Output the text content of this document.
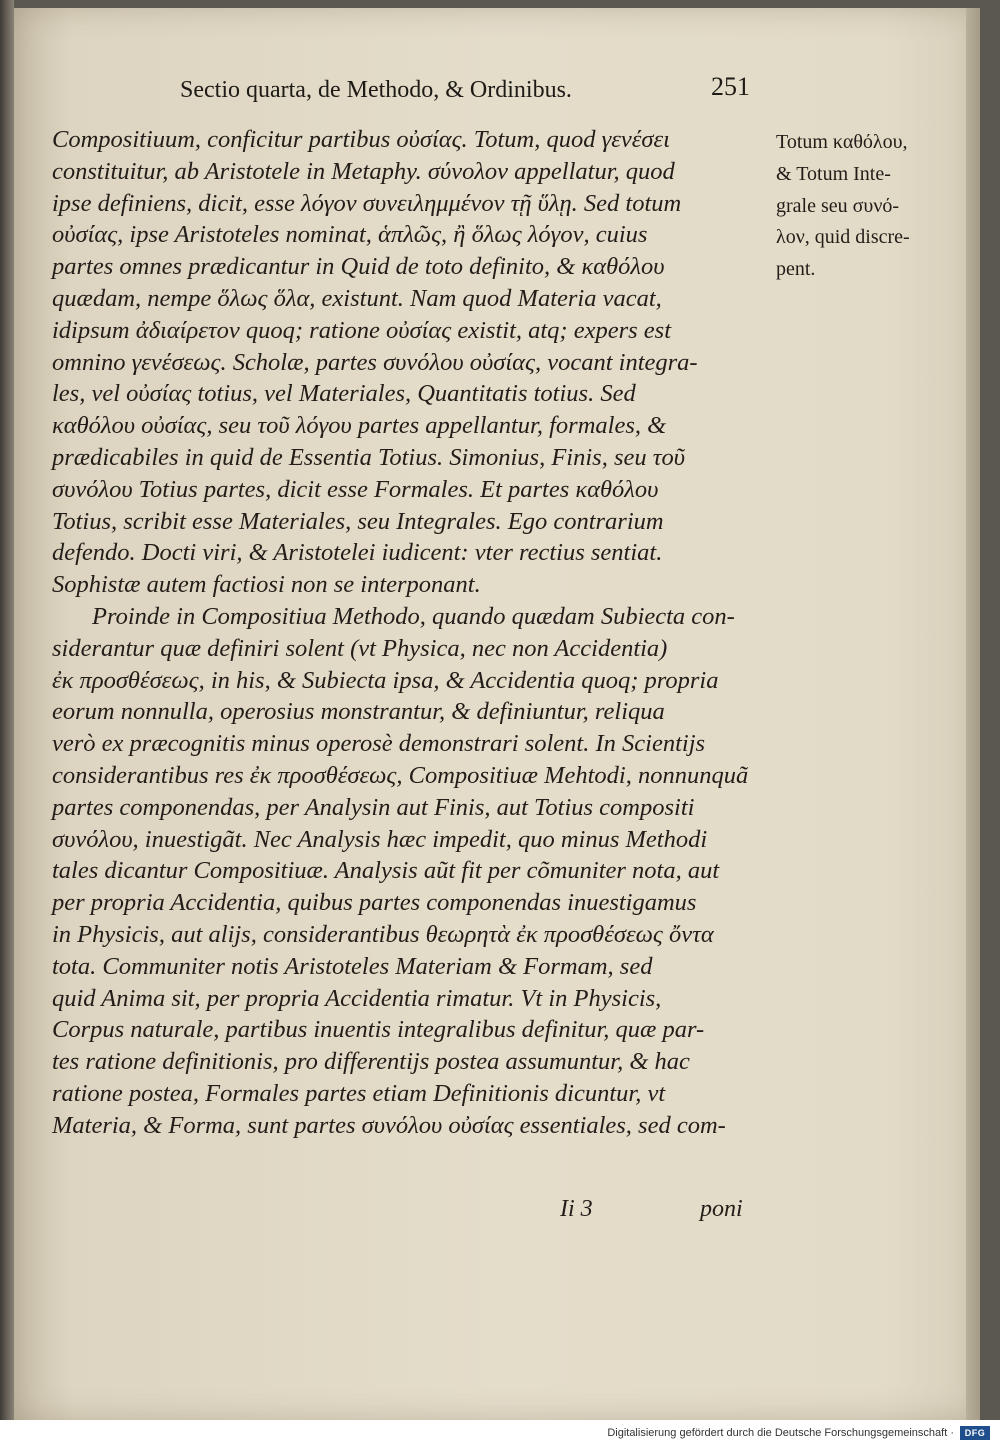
Sectio quarta, de Methodo, & Ordinibus.	251
Compositiuum, conficitur partibus οὐσίας. Totum, quod γενέσει
constituitur, ab Aristotele in Metaphy. σύνολον appellatur, quod
ipse definiens, dicit, esse λόγον συνειλημμένον τῇ ὕλῃ. Sed totum
οὐσίας, ipse Aristoteles nominat, ἁπλῶς, ἢ ὅλως λόγον, cuius
partes omnes prædicantur in Quid de toto definito, & καθόλου
quædam, nempe ὅλως ὅλα, existunt. Nam quod Materia vacat,
idipsum ἀδιαίρετον quoq; ratione οὐσίας existit, atq; expers est
omnino γενέσεως. Scholæ, partes συνόλου οὐσίας, vocant integra-
les, vel οὐσίας totius, vel Materiales, Quantitatis totius. Sed
καθόλου οὐσίας, seu τοῦ λόγου partes appellantur, formales, &
prædicabiles in quid de Essentia Totius. Simonius, Finis, seu τοῦ
συνόλου Totius partes, dicit esse Formales. Et partes καθόλου
Totius, scribit esse Materiales, seu Integrales. Ego contrarium
defendo. Docti viri, & Aristotelei iudicent: vter rectius sentiat.
Sophistæ autem factiosi non se interponant.
Proinde in Compositiua Methodo, quando quædam Subiecta con-
siderantur quæ definiri solent (vt Physica, nec non Accidentia)
ἐκ προσθέσεως, in his, & Subiecta ipsa, & Accidentia quoq; propria
eorum nonnulla, operosius monstrantur, & definiuntur, reliqua
verò ex præcognitis minus operosè demonstrari solent. In Scientijs
considerantibus res ἐκ προσθέσεως, Compositiuæ Mehtodi, nonnunquã
partes componendas, per Analysin aut Finis, aut Totius compositi
συνόλου, inuestigãt. Nec Analysis hæc impedit, quo minus Methodi
tales dicantur Compositiuæ. Analysis aũt fit per cõmuniter nota, aut
per propria Accidentia, quibus partes componendas inuestigamus
in Physicis, aut alijs, considerantibus θεωρητὰ ἐκ προσθέσεως ὄντα
tota. Communiter notis Aristoteles Materiam & Formam, sed
quid Anima sit, per propria Accidentia rimatur. Vt in Physicis,
Corpus naturale, partibus inuentis integralibus definitur, quæ par-
tes ratione definitionis, pro differentijs postea assumuntur, & hac
ratione postea, Formales partes etiam Definitionis dicuntur, vt
Materia, & Forma, sunt partes συνόλου οὐσίας essentiales, sed com-
Totum καθόλου,
& Totum Inte-
grale seu συνό-
λον, quid discre-
pent.
Ii 3	poni
Digitalisierung gefördert durch die Deutsche Forschungsgemeinschaft ·	DFG
